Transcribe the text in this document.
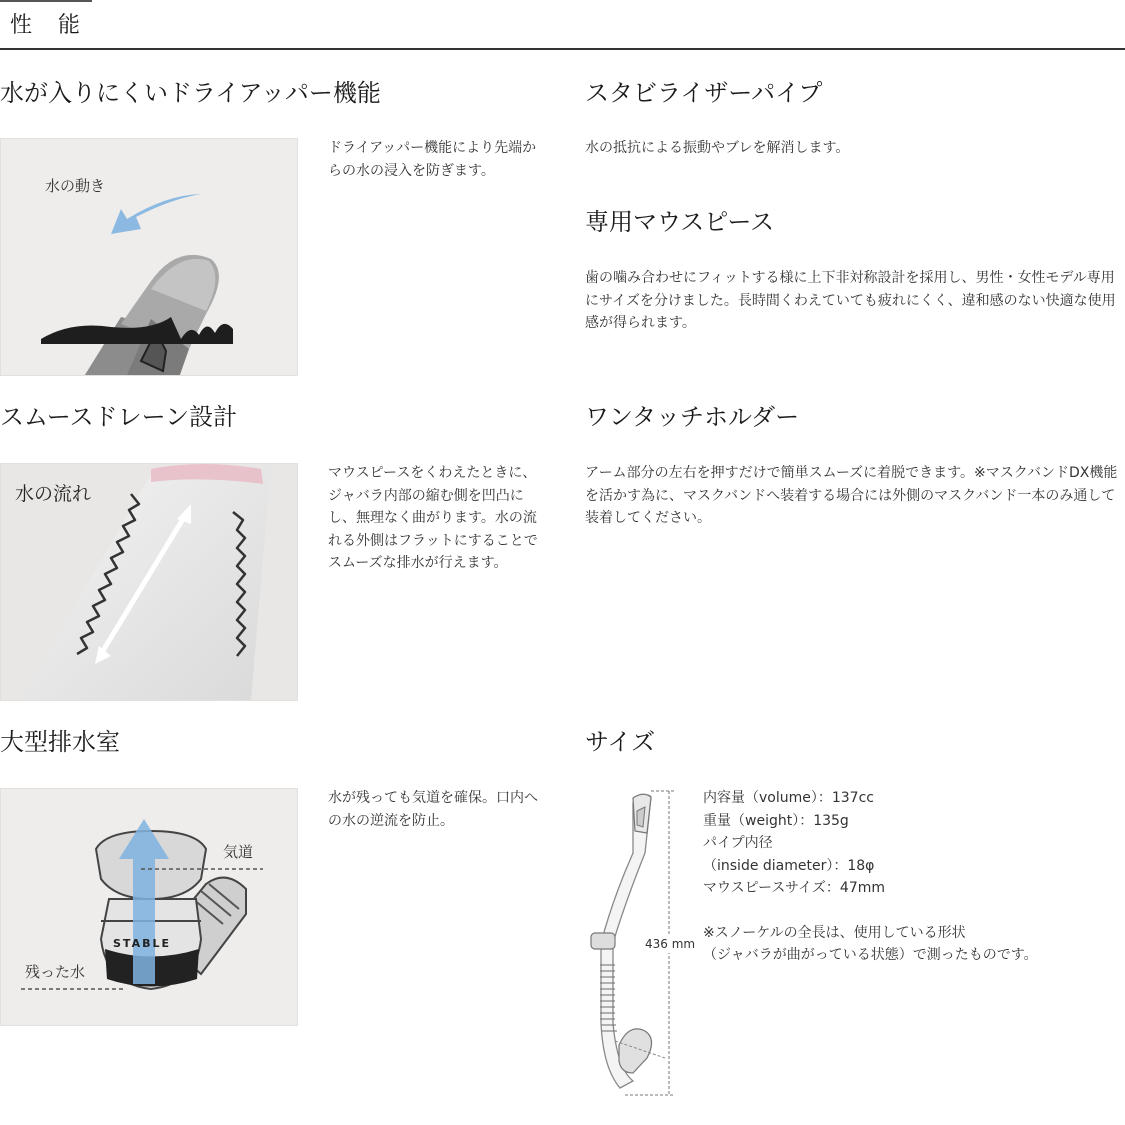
性　能
水が入りにくいドライアッパー機能
水の動き
ドライアッパー機能により先端からの水の浸入を防ぎます。
スタビライザーパイプ
水の抵抗による振動やブレを解消します。
専用マウスピース
歯の噛み合わせにフィットする様に上下非対称設計を採用し、男性・女性モデル専用にサイズを分けました。長時間くわえていても疲れにくく、違和感のない快適な使用感が得られます。
スムースドレーン設計
水の流れ
マウスピースをくわえたときに、ジャバラ内部の縮む側を凹凸にし、無理なく曲がります。水の流れる外側はフラットにすることでスムーズな排水が行えます。
ワンタッチホルダー
アーム部分の左右を押すだけで簡単スムーズに着脱できます。※マスクバンドDX機能を活かす為に、マスクバンドへ装着する場合には外側のマスクバンド一本のみ通して装着してください。
大型排水室
STABLE
気道
残った水
水が残っても気道を確保。口内への水の逆流を防止。
サイズ
436 mm
内容量（volume）：137cc
重量（weight）：135g
パイプ内径
（inside diameter）：18φ
マウスピースサイズ：47mm
※スノーケルの全長は、使用している形状
（ジャバラが曲がっている状態）で測ったものです。
